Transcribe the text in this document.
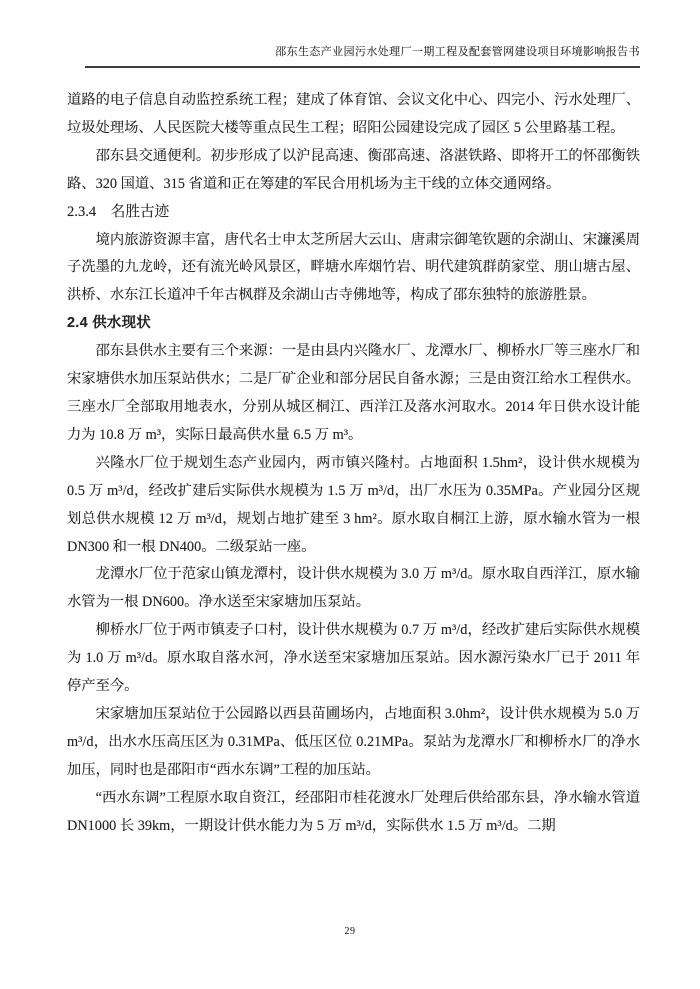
邵东生态产业园污水处理厂一期工程及配套管网建设项目环境影响报告书

道路的电子信息自动监控系统工程；建成了体育馆、会议文化中心、四完小、污水处理厂、垃圾处理场、人民医院大楼等重点民生工程；昭阳公园建设完成了园区 5 公里路基工程。

邵东县交通便利。初步形成了以沪昆高速、衡邵高速、洛湛铁路、即将开工的怀邵衡铁路、320 国道、315 省道和正在筹建的军民合用机场为主干线的立体交通网络。

2.3.4　名胜古迹

境内旅游资源丰富，唐代名士申太芝所居大云山、唐肃宗御笔钦题的余湖山、宋濂溪周子冼墨的九龙岭，还有流光岭风景区，畔塘水库烟竹岩、明代建筑群荫家堂、朋山塘古屋、洪桥、水东江长道冲千年古枫群及余湖山古寺佛地等，构成了邵东独特的旅游胜景。

2.4 供水现状

邵东县供水主要有三个来源：一是由县内兴隆水厂、龙潭水厂、柳桥水厂等三座水厂和宋家塘供水加压泵站供水；二是厂矿企业和部分居民自备水源；三是由资江给水工程供水。三座水厂全部取用地表水，分别从城区桐江、西洋江及落水河取水。2014 年日供水设计能力为 10.8 万 m³，实际日最高供水量 6.5 万 m³。

兴隆水厂位于规划生态产业园内，两市镇兴隆村。占地面积 1.5hm²，设计供水规模为 0.5 万 m³/d，经改扩建后实际供水规模为 1.5 万 m³/d，出厂水压为 0.35MPa。产业园分区规划总供水规模 12 万 m³/d，规划占地扩建至 3 hm²。原水取自桐江上游，原水输水管为一根 DN300 和一根 DN400。二级泵站一座。

龙潭水厂位于范家山镇龙潭村，设计供水规模为 3.0 万 m³/d。原水取自西洋江，原水输水管为一根 DN600。净水送至宋家塘加压泵站。

柳桥水厂位于两市镇麦子口村，设计供水规模为 0.7 万 m³/d，经改扩建后实际供水规模为 1.0 万 m³/d。原水取自落水河，净水送至宋家塘加压泵站。因水源污染水厂已于 2011 年停产至今。

宋家塘加压泵站位于公园路以西县苗圃场内，占地面积 3.0hm²，设计供水规模为 5.0 万 m³/d，出水水压高压区为 0.31MPa、低压区位 0.21MPa。泵站为龙潭水厂和柳桥水厂的净水加压，同时也是邵阳市“西水东调”工程的加压站。

“西水东调”工程原水取自资江，经邵阳市桂花渡水厂处理后供给邵东县，净水输水管道 DN1000 长 39km，一期设计供水能力为 5 万 m³/d，实际供水 1.5 万 m³/d。二期

29
